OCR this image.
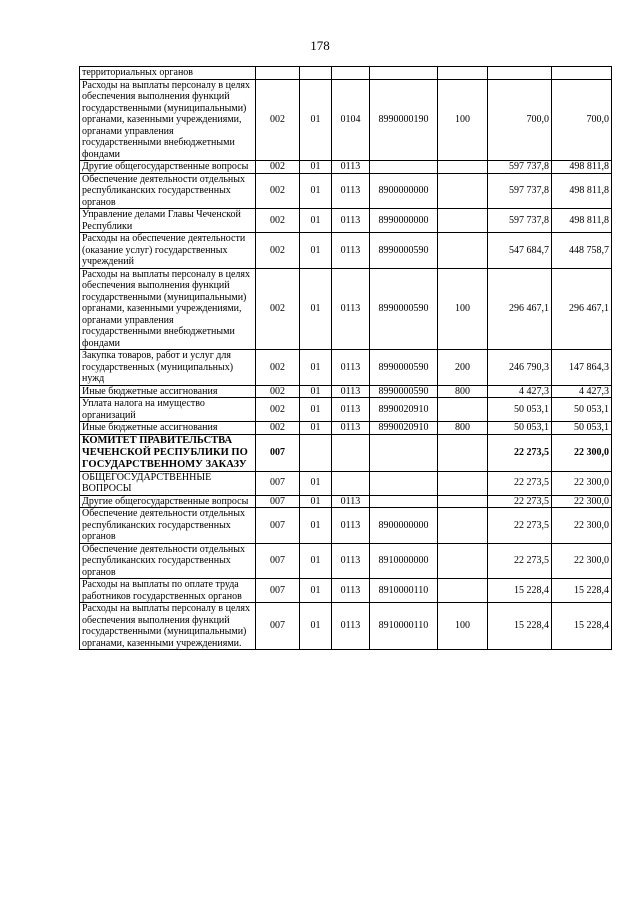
178
территориальных органов							
Расходы на выплаты персоналу в целях обеспечения выполнения функций государственными (муниципальными) органами, казенными учреждениями, органами управления государственными внебюджетными фондами	002	01	0104	8990000190	100	700,0	700,0
Другие общегосударственные вопросы	002	01	0113			597 737,8	498 811,8
Обеспечение деятельности отдельных республиканских государственных органов	002	01	0113	8900000000		597 737,8	498 811,8
Управление делами Главы Чеченской Республики	002	01	0113	8990000000		597 737,8	498 811,8
Расходы на обеспечение деятельности (оказание услуг) государственных учреждений	002	01	0113	8990000590		547 684,7	448 758,7
Расходы на выплаты персоналу в целях обеспечения выполнения функций государственными (муниципальными) органами, казенными учреждениями, органами управления государственными внебюджетными фондами	002	01	0113	8990000590	100	296 467,1	296 467,1
Закупка товаров, работ и услуг для государственных (муниципальных) нужд	002	01	0113	8990000590	200	246 790,3	147 864,3
Иные бюджетные ассигнования	002	01	0113	8990000590	800	4 427,3	4 427,3
Уплата налога на имущество организаций	002	01	0113	8990020910		50 053,1	50 053,1
Иные бюджетные ассигнования	002	01	0113	8990020910	800	50 053,1	50 053,1
КОМИТЕТ ПРАВИТЕЛЬСТВА ЧЕЧЕНСКОЙ РЕСПУБЛИКИ ПО ГОСУДАРСТВЕННОМУ ЗАКАЗУ	007					22 273,5	22 300,0
ОБЩЕГОСУДАРСТВЕННЫЕ ВОПРОСЫ	007	01				22 273,5	22 300,0
Другие общегосударственные вопросы	007	01	0113			22 273,5	22 300,0
Обеспечение деятельности отдельных республиканских государственных органов	007	01	0113	8900000000		22 273,5	22 300,0
Обеспечение деятельности отдельных республиканских государственных органов	007	01	0113	8910000000		22 273,5	22 300,0
Расходы на выплаты по оплате труда работников государственных органов	007	01	0113	8910000110		15 228,4	15 228,4
Расходы на выплаты персоналу в целях обеспечения выполнения функций государственными (муниципальными) органами, казенными учреждениями.	007	01	0113	8910000110	100	15 228,4	15 228,4
